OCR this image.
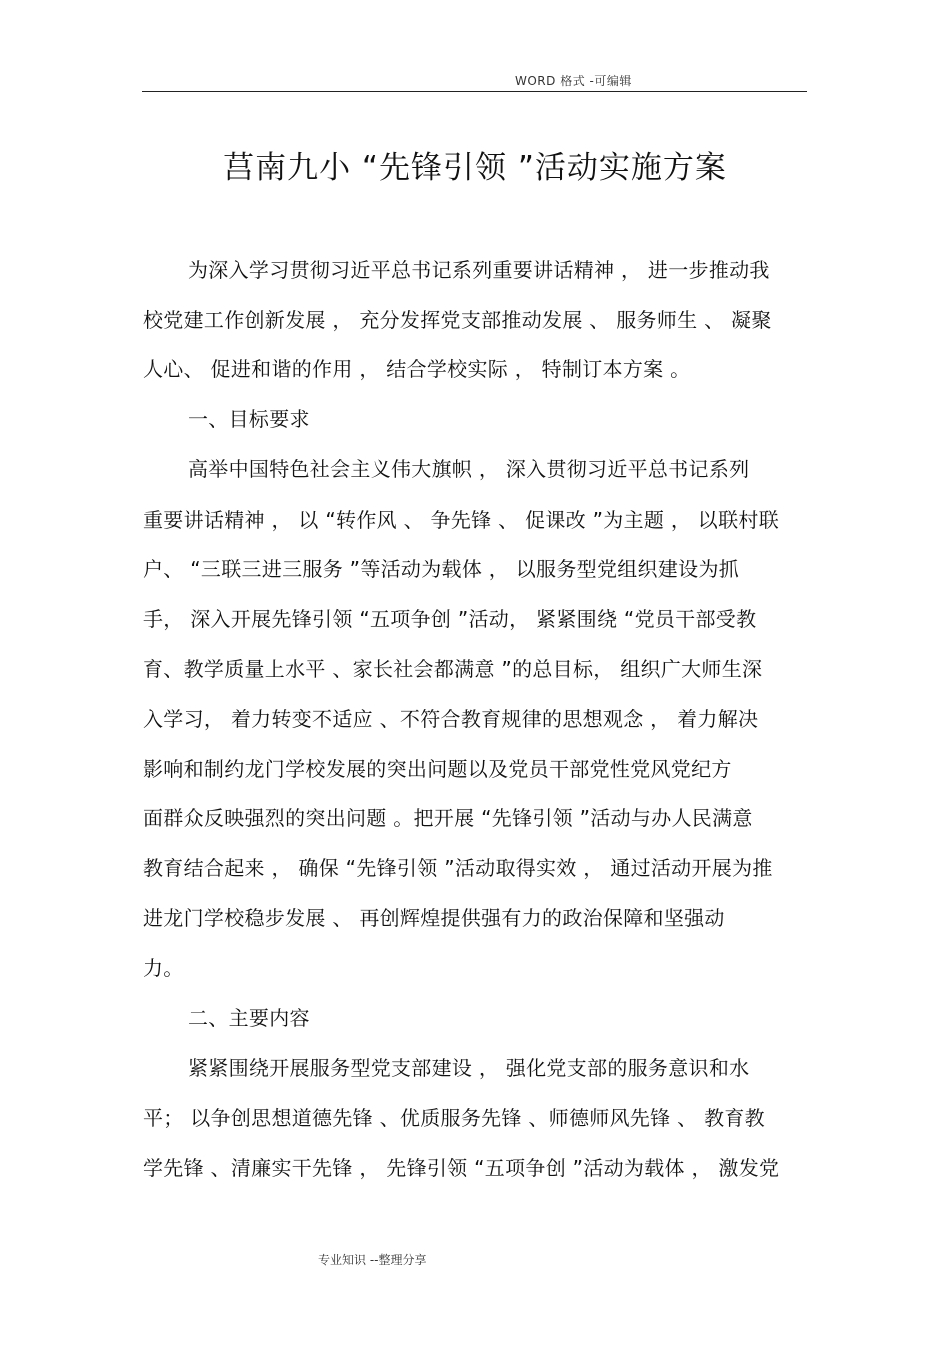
WORD 格式 -可编辑
莒南九小 “先锋引领 ”活动实施方案
为深入学习贯彻习近平总书记系列重要讲话精神 ， 进一步推动我
校党建工作创新发展 ， 充分发挥党支部推动发展 、 服务师生 、 凝聚
人心、 促进和谐的作用 ， 结合学校实际 ， 特制订本方案 。
一、目标要求
高举中国特色社会主义伟大旗帜 ， 深入贯彻习近平总书记系列
重要讲话精神 ， 以 “转作风 、 争先锋 、 促课改 ”为主题 ， 以联村联
户、 “三联三进三服务 ”等活动为载体 ， 以服务型党组织建设为抓
手， 深入开展先锋引领 “五项争创 ”活动， 紧紧围绕 “党员干部受教
育、教学质量上水平 、家长社会都满意 ”的总目标， 组织广大师生深
入学习， 着力转变不适应 、不符合教育规律的思想观念 ， 着力解决
影响和制约龙门学校发展的突出问题以及党员干部党性党风党纪方
面群众反映强烈的突出问题 。把开展 “先锋引领 ”活动与办人民满意
教育结合起来 ， 确保 “先锋引领 ”活动取得实效 ， 通过活动开展为推
进龙门学校稳步发展 、 再创辉煌提供强有力的政治保障和坚强动
力。
二、主要内容
紧紧围绕开展服务型党支部建设 ， 强化党支部的服务意识和水
平； 以争创思想道德先锋 、优质服务先锋 、师德师风先锋 、 教育教
学先锋 、清廉实干先锋 ， 先锋引领 “五项争创 ”活动为载体 ， 激发党
专业知识 --整理分享
